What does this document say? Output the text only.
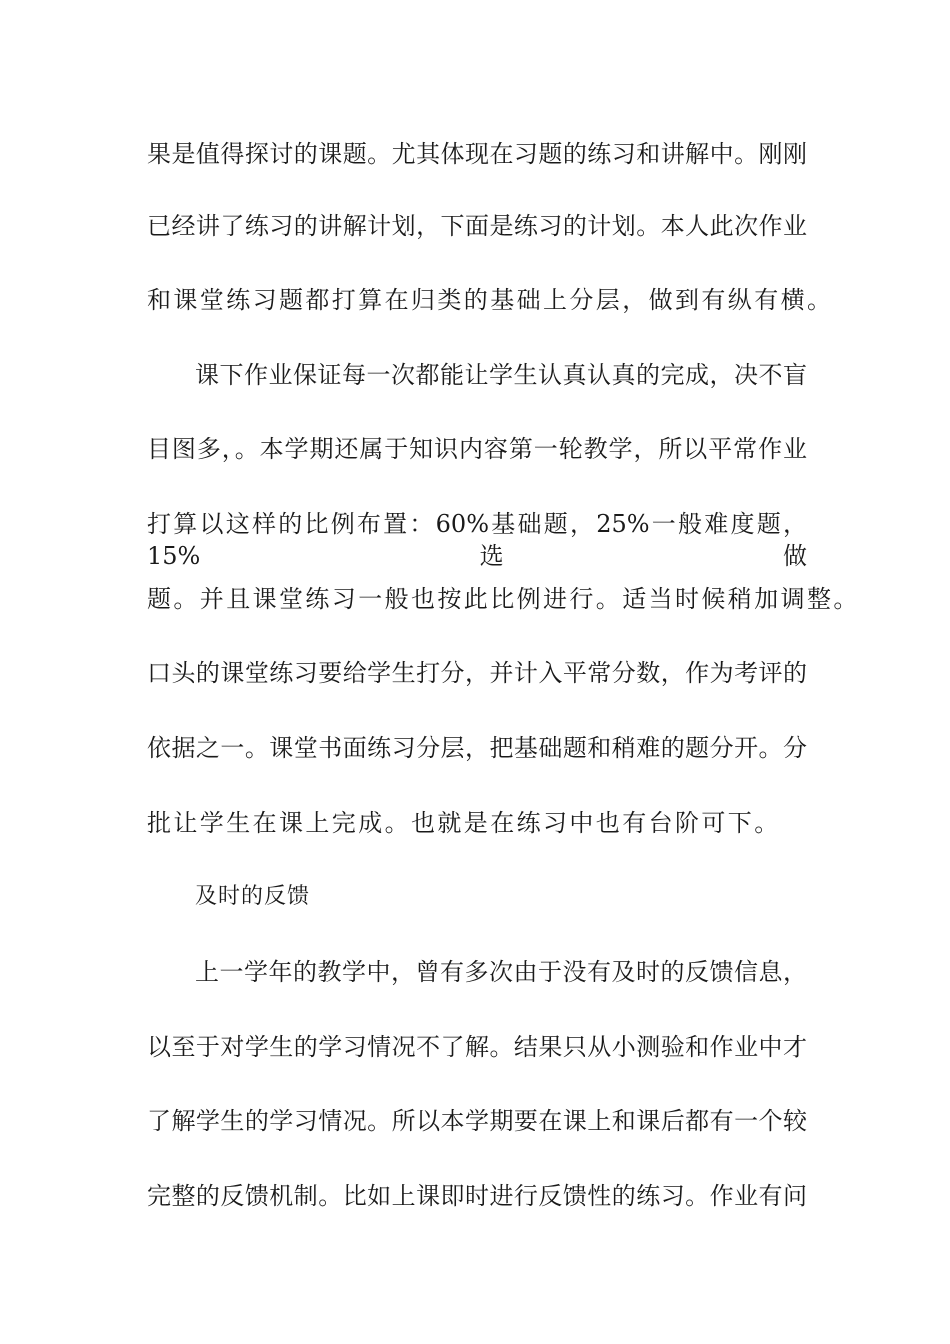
果是值得探讨的课题。尤其体现在习题的练习和讲解中。刚刚
已经讲了练习的讲解计划，下面是练习的计划。本人此次作业
和课堂练习题都打算在归类的基础上分层，做到有纵有横。
课下作业保证每一次都能让学生认真认真的完成，决不盲
目图多，。本学期还属于知识内容第一轮教学，所以平常作业
打算以这样的比例布置：60%基础题，25%一般难度题，15%选做
题。并且课堂练习一般也按此比例进行。适当时候稍加调整。
口头的课堂练习要给学生打分，并计入平常分数，作为考评的
依据之一。课堂书面练习分层，把基础题和稍难的题分开。分
批让学生在课上完成。也就是在练习中也有台阶可下。
及时的反馈
上一学年的教学中，曾有多次由于没有及时的反馈信息，
以至于对学生的学习情况不了解。结果只从小测验和作业中才
了解学生的学习情况。所以本学期要在课上和课后都有一个较
完整的反馈机制。比如上课即时进行反馈性的练习。作业有问
